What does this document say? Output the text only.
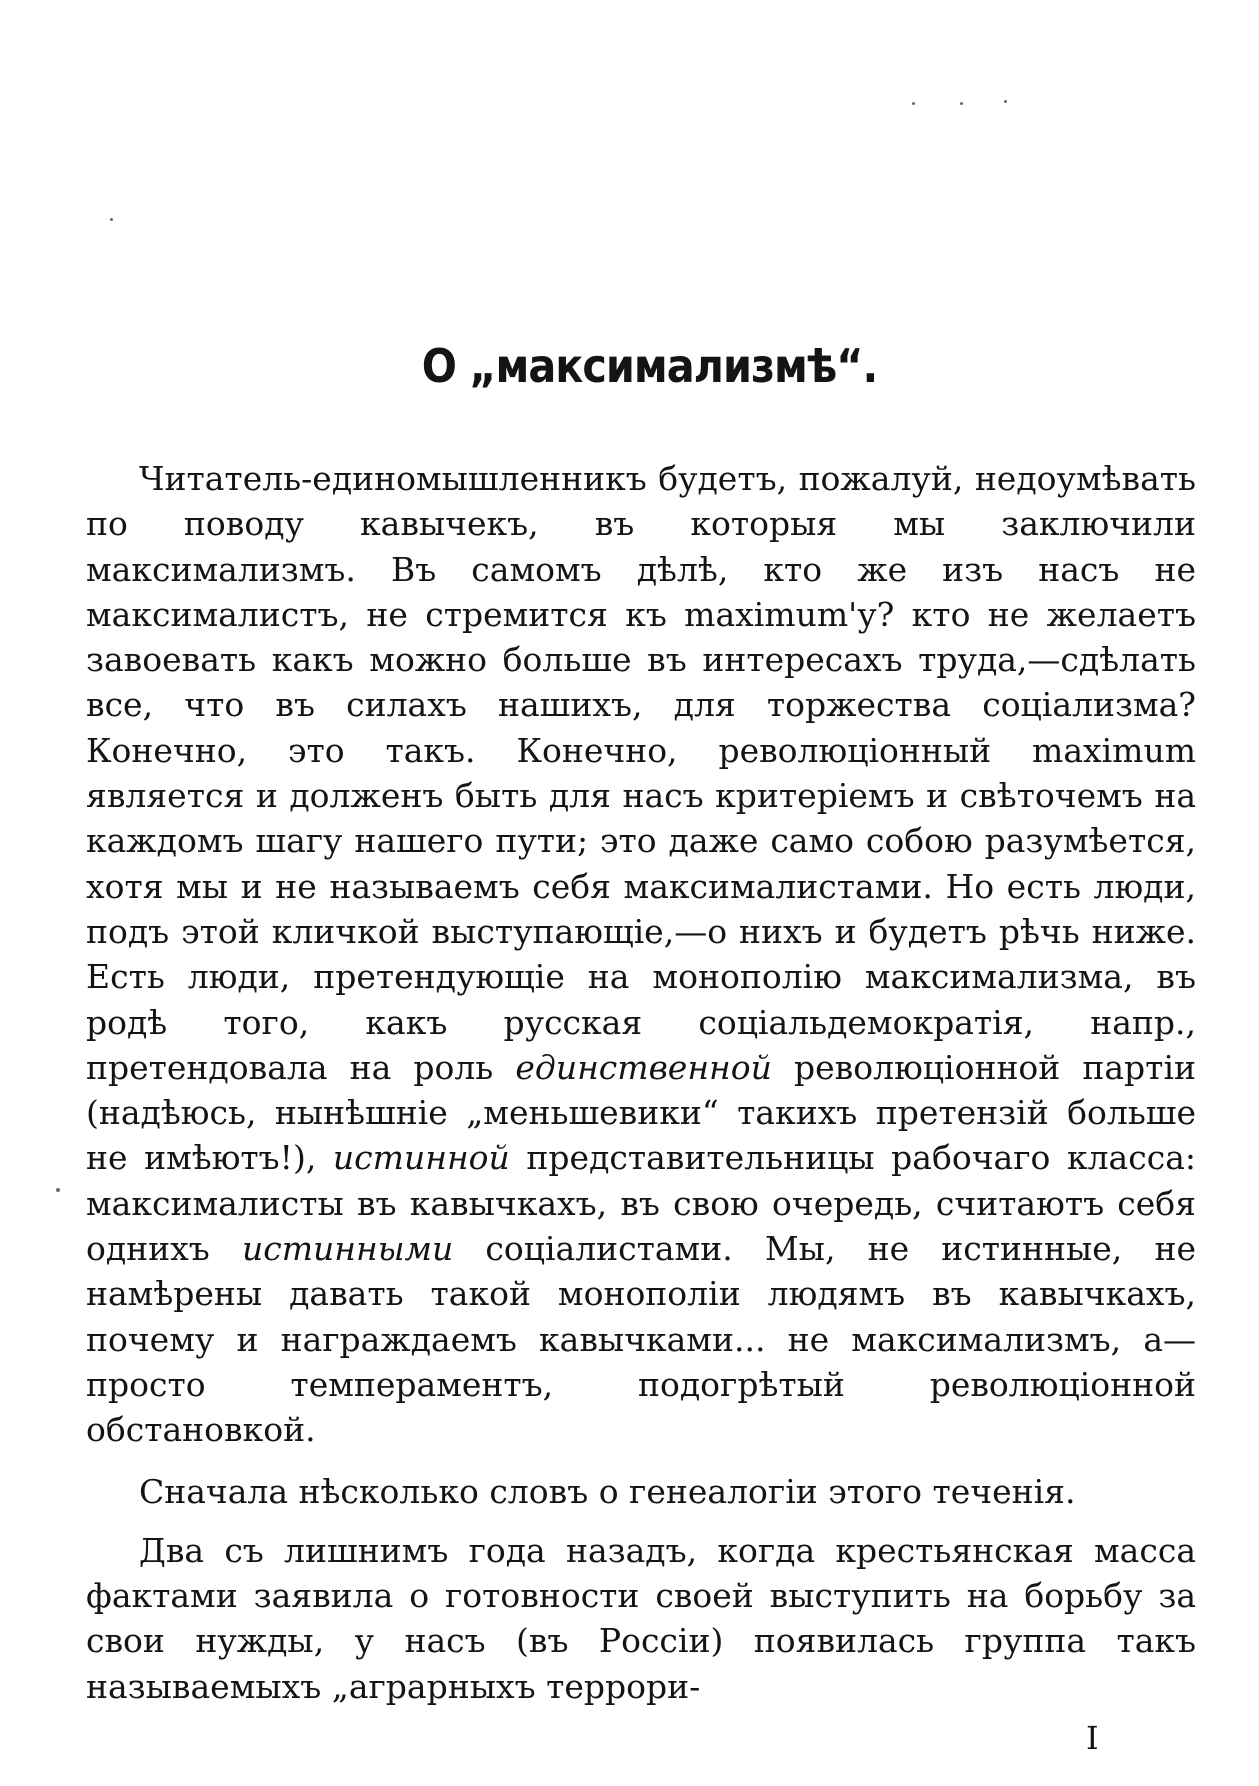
О „максимализмѣ“.

Читатель-единомышленникъ будетъ, пожалуй, недоумѣвать по поводу кавычекъ, въ которыя мы заключили максимализмъ. Въ самомъ дѣлѣ, кто же изъ насъ не максималистъ, не стремится къ maximum'у? кто не желаетъ завоевать какъ можно больше въ интересахъ труда,—сдѣлать все, что въ силахъ нашихъ, для торжества соціализма? Конечно, это такъ. Конечно, революціонный maximum является и долженъ быть для насъ критеріемъ и свѣточемъ на каждомъ шагу нашего пути; это даже само собою разумѣется, хотя мы и не называемъ себя максималистами. Но есть люди, подъ этой кличкой выступающіе,—о нихъ и будетъ рѣчь ниже. Есть люди, претендующіе на монополію максимализма, въ родѣ того, какъ русская соціальдемократія, напр., претендовала на роль единственной революціонной партіи (надѣюсь, нынѣшніе „меньшевики“ такихъ претензій больше не имѣютъ!), истинной представительницы рабочаго класса: максималисты въ кавычкахъ, въ свою очередь, считаютъ себя однихъ истинными соціалистами. Мы, не истинные, не намѣрены давать такой монополіи людямъ въ кавычкахъ, почему и награждаемъ кавычками... не максимализмъ, а—просто темпераментъ, подогрѣтый революціонной обстановкой.

Сначала нѣсколько словъ о генеалогіи этого теченія.

Два съ лишнимъ года назадъ, когда крестьянская масса фактами заявила о готовности своей выступить на борьбу за свои нужды, у насъ (въ Россіи) появилась группа такъ называемыхъ „аграрныхъ террори-

I
